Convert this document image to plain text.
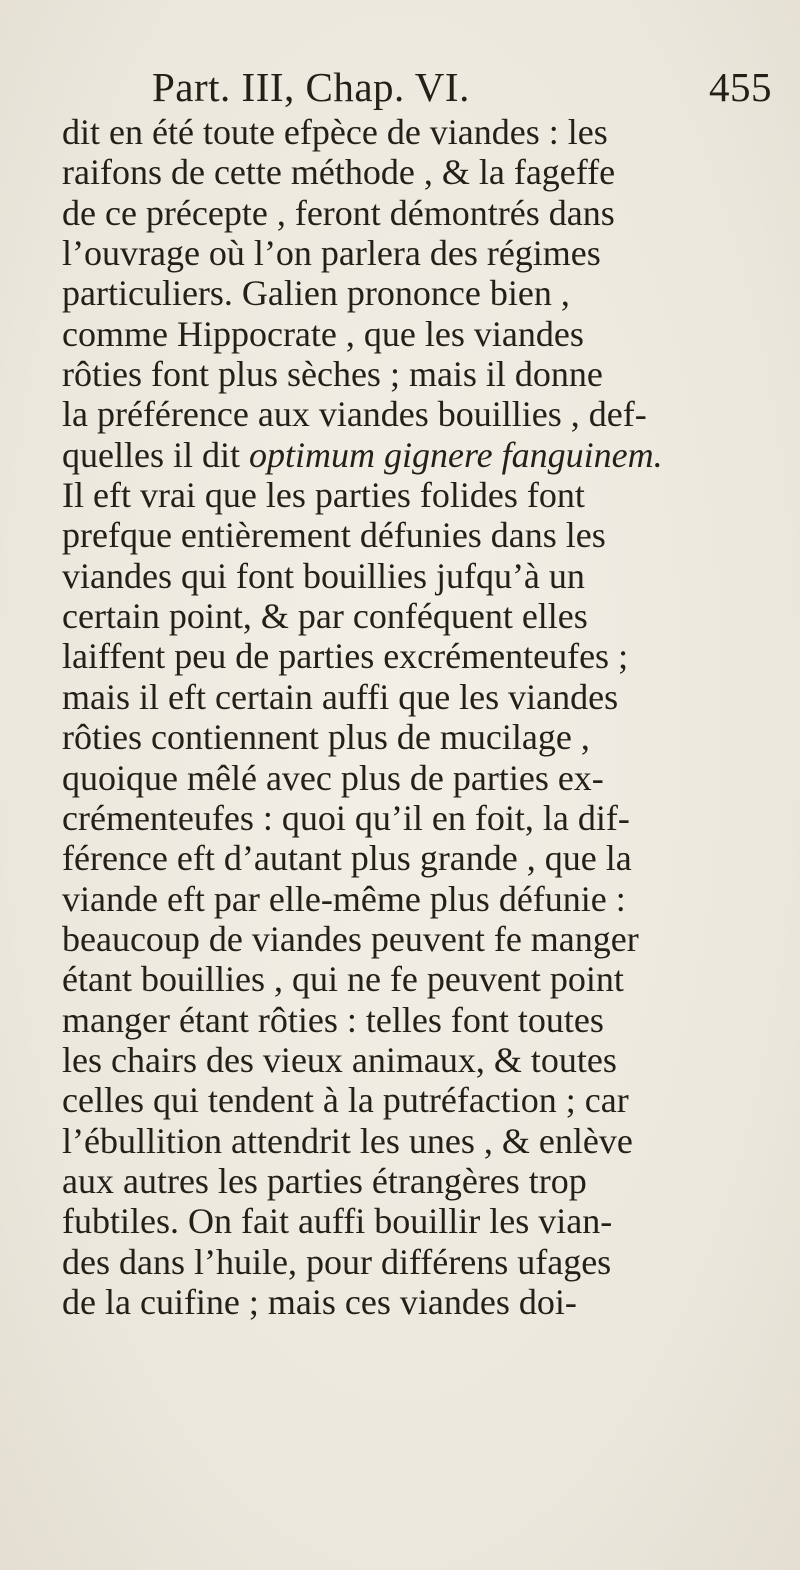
Part. III, Chap. VI.	455
dit en été toute efpèce de viandes : les
raifons de cette méthode , & la fageffe
de ce précepte , feront démontrés dans
l’ouvrage où l’on parlera des régimes
particuliers. Galien prononce bien ,
comme Hippocrate , que les viandes
rôties font plus sèches ; mais il donne
la préférence aux viandes bouillies , def-
quelles il dit optimum gignere fanguinem.
Il eft vrai que les parties folides font
prefque entièrement défunies dans les
viandes qui font bouillies jufqu’à un
certain point, & par conféquent elles
laiffent peu de parties excrémenteufes ;
mais il eft certain auffi que les viandes
rôties contiennent plus de mucilage ,
quoique mêlé avec plus de parties ex-
crémenteufes : quoi qu’il en foit, la dif-
férence eft d’autant plus grande , que la
viande eft par elle-même plus défunie :
beaucoup de viandes peuvent fe manger
étant bouillies , qui ne fe peuvent point
manger étant rôties : telles font toutes
les chairs des vieux animaux, & toutes
celles qui tendent à la putréfaction ; car
l’ébullition attendrit les unes , & enlève
aux autres les parties étrangères trop
fubtiles. On fait auffi bouillir les vian-
des dans l’huile, pour différens ufages
de la cuifine ; mais ces viandes doi-
